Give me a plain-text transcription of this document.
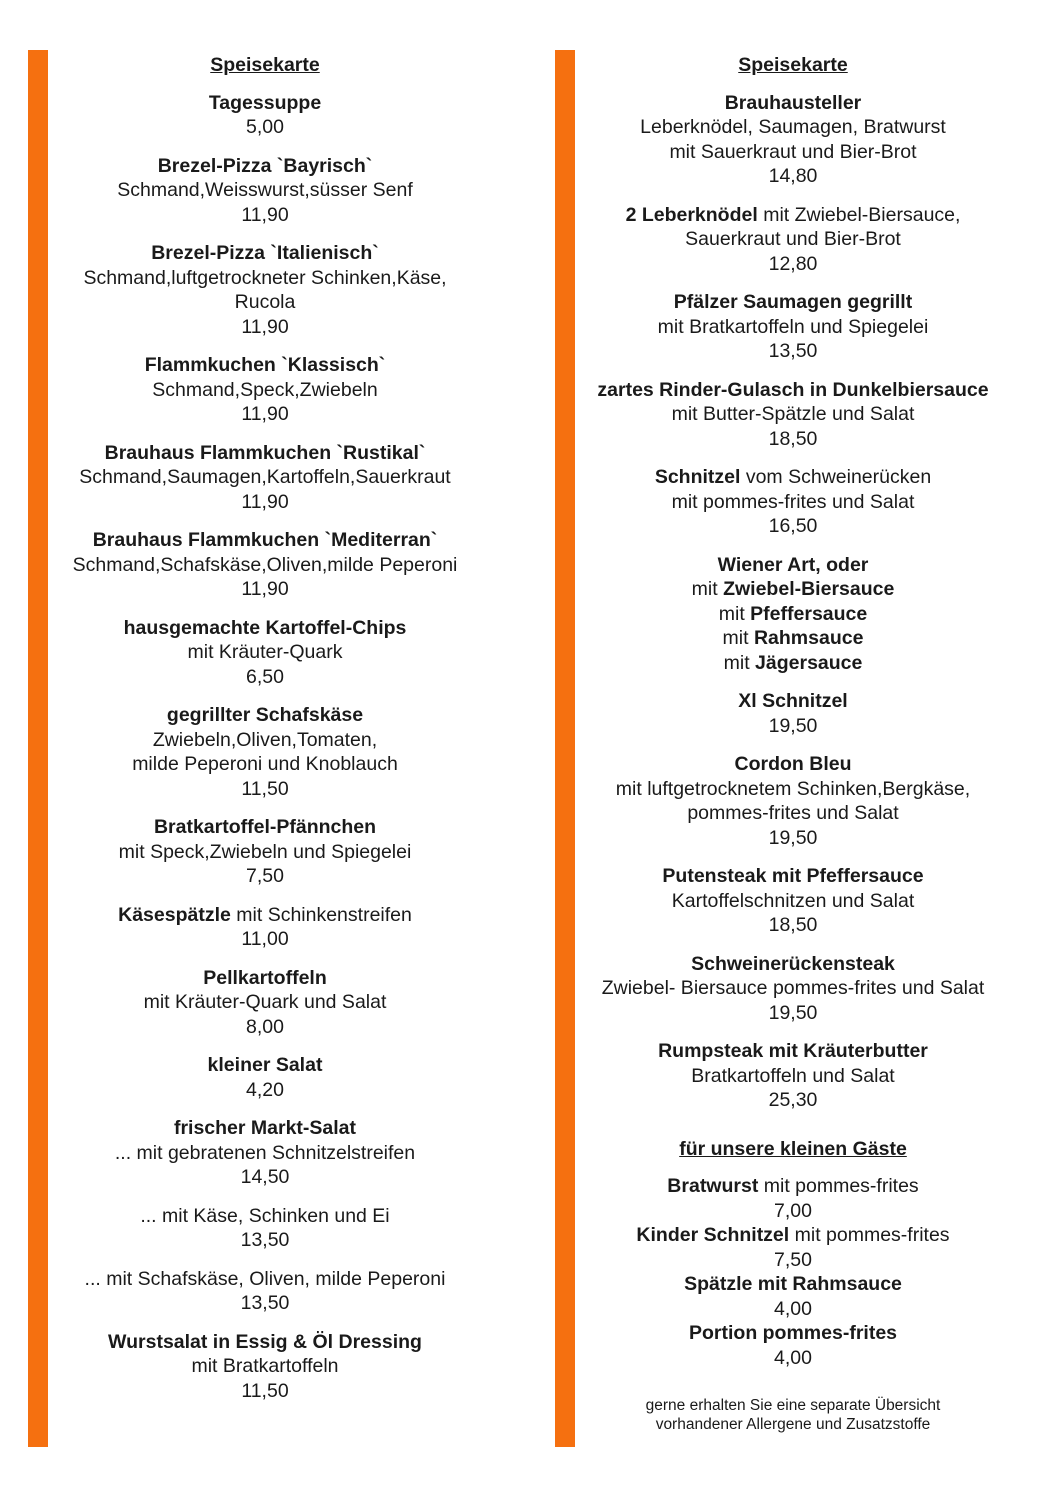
Speisekarte
Tagessuppe
5,00
Brezel-Pizza `Bayrisch`
Schmand,Weisswurst,süsser Senf
11,90
Brezel-Pizza `Italienisch`
Schmand,luftgetrockneter Schinken,Käse,
Rucola
11,90
Flammkuchen `Klassisch`
Schmand,Speck,Zwiebeln
11,90
Brauhaus Flammkuchen `Rustikal`
Schmand,Saumagen,Kartoffeln,Sauerkraut
11,90
Brauhaus Flammkuchen `Mediterran`
Schmand,Schafskäse,Oliven,milde Peperoni
11,90
hausgemachte Kartoffel-Chips
mit Kräuter-Quark
6,50
gegrillter Schafskäse
Zwiebeln,Oliven,Tomaten,
milde Peperoni und Knoblauch
11,50
Bratkartoffel-Pfännchen
mit Speck,Zwiebeln und Spiegelei
7,50
Käsespätzle mit Schinkenstreifen
11,00
Pellkartoffeln
mit Kräuter-Quark und Salat
8,00
kleiner Salat
4,20
frischer Markt-Salat
... mit gebratenen Schnitzelstreifen
14,50
... mit Käse, Schinken und Ei
13,50
... mit Schafskäse, Oliven, milde Peperoni
13,50
Wurstsalat in Essig & Öl Dressing
mit Bratkartoffeln
11,50
Speisekarte
Brauhausteller
Leberknödel, Saumagen, Bratwurst
mit Sauerkraut und Bier-Brot
14,80
2 Leberknödel mit Zwiebel-Biersauce,
Sauerkraut und Bier-Brot
12,80
Pfälzer Saumagen gegrillt
mit Bratkartoffeln und Spiegelei
13,50
zartes Rinder-Gulasch in Dunkelbiersauce
mit Butter-Spätzle und Salat
18,50
Schnitzel vom Schweinerücken
mit pommes-frites und Salat
16,50
Wiener Art, oder
mit Zwiebel-Biersauce
mit Pfeffersauce
mit Rahmsauce
mit Jägersauce
Xl Schnitzel
19,50
Cordon Bleu
mit luftgetrocknetem Schinken,Bergkäse,
pommes-frites und Salat
19,50
Putensteak mit Pfeffersauce
Kartoffelschnitzen und Salat
18,50
Schweinerückensteak
Zwiebel- Biersauce pommes-frites und Salat
19,50
Rumpsteak mit Kräuterbutter
Bratkartoffeln und Salat
25,30
für unsere kleinen Gäste
Bratwurst mit pommes-frites
7,00
Kinder Schnitzel mit pommes-frites
7,50
Spätzle mit Rahmsauce
4,00
Portion pommes-frites
4,00
gerne erhalten Sie eine separate Übersicht
vorhandener Allergene und Zusatzstoffe
